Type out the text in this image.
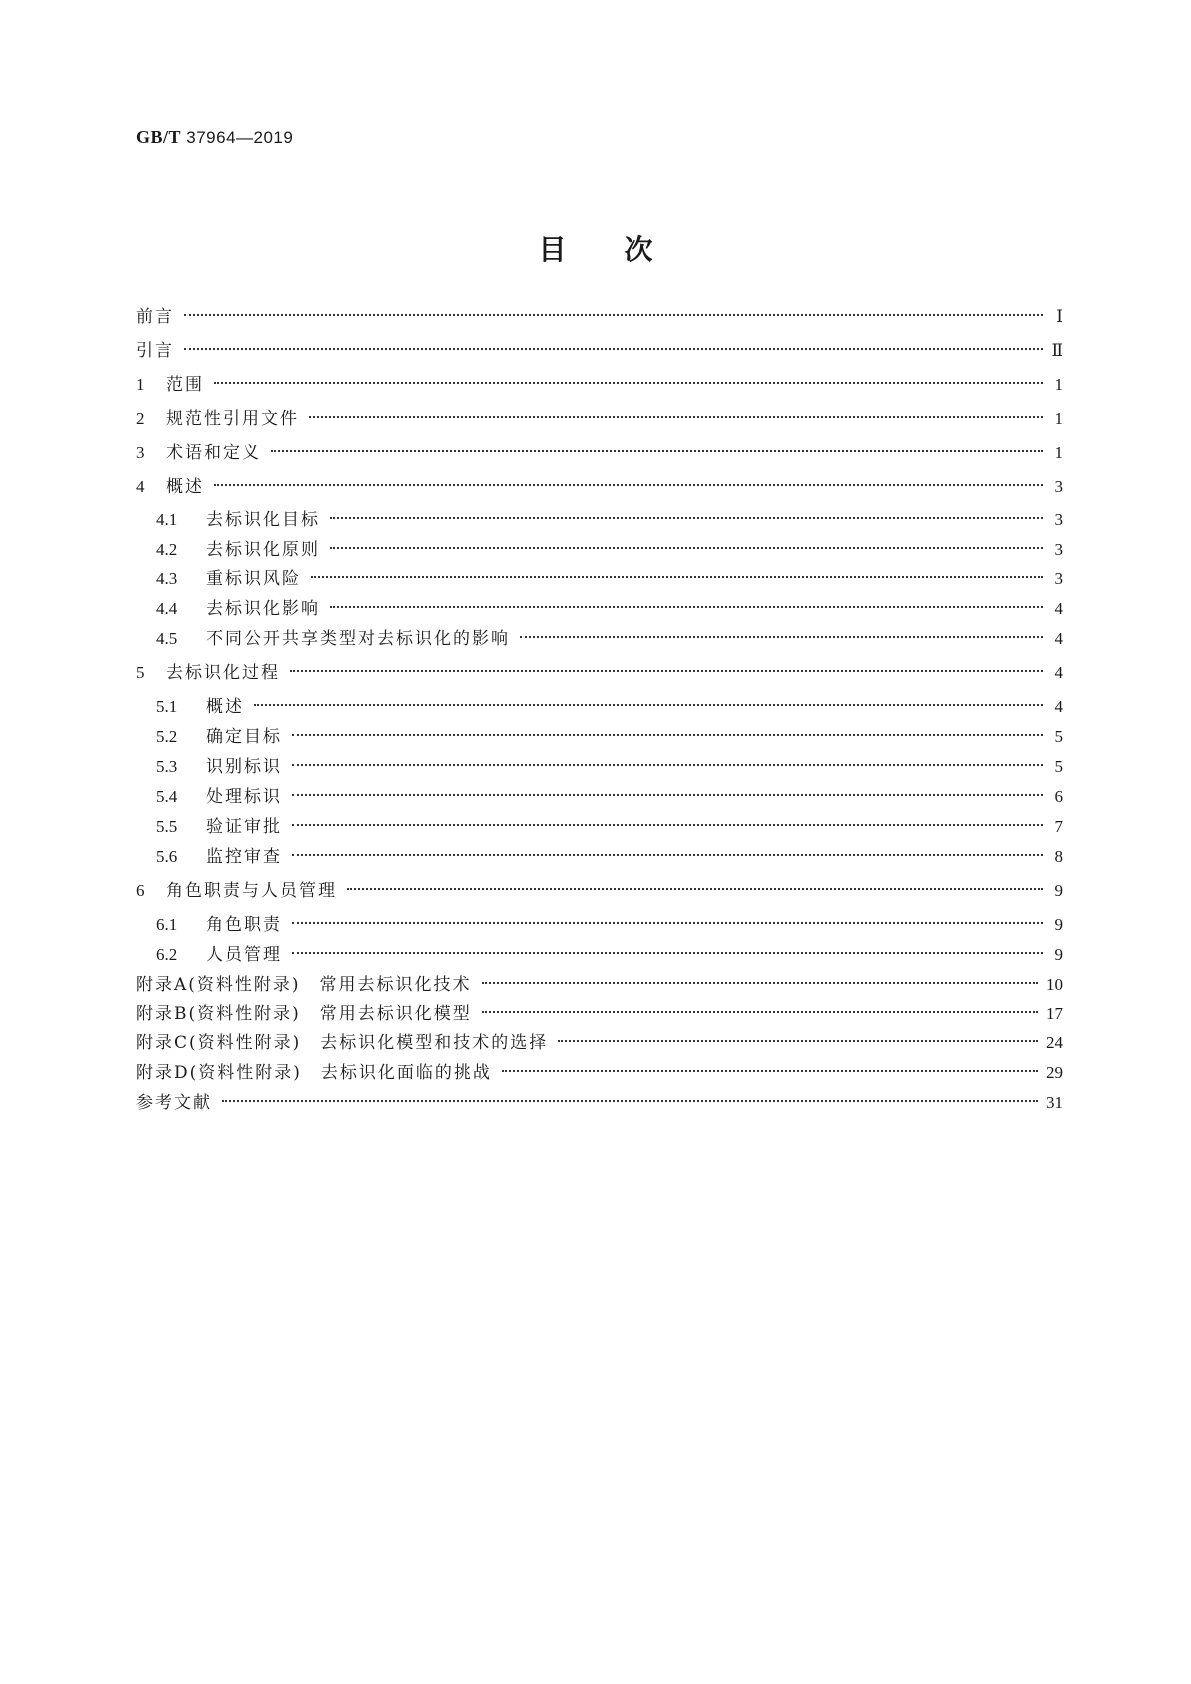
GB/T 37964—2019
目次
前言	Ⅰ
引言	Ⅱ
1	范围	1
2	规范性引用文件	1
3	术语和定义	1
4	概述	3
4.1	去标识化目标	3
4.2	去标识化原则	3
4.3	重标识风险	3
4.4	去标识化影响	4
4.5	不同公开共享类型对去标识化的影响	4
5	去标识化过程	4
5.1	概述	4
5.2	确定目标	5
5.3	识别标识	5
5.4	处理标识	6
5.5	验证审批	7
5.6	监控审查	8
6	角色职责与人员管理	9
6.1	角色职责	9
6.2	人员管理	9
附录A(资料性附录)　常用去标识化技术	10
附录B(资料性附录)　常用去标识化模型	17
附录C(资料性附录)　去标识化模型和技术的选择	24
附录D(资料性附录)　去标识化面临的挑战	29
参考文献	31
